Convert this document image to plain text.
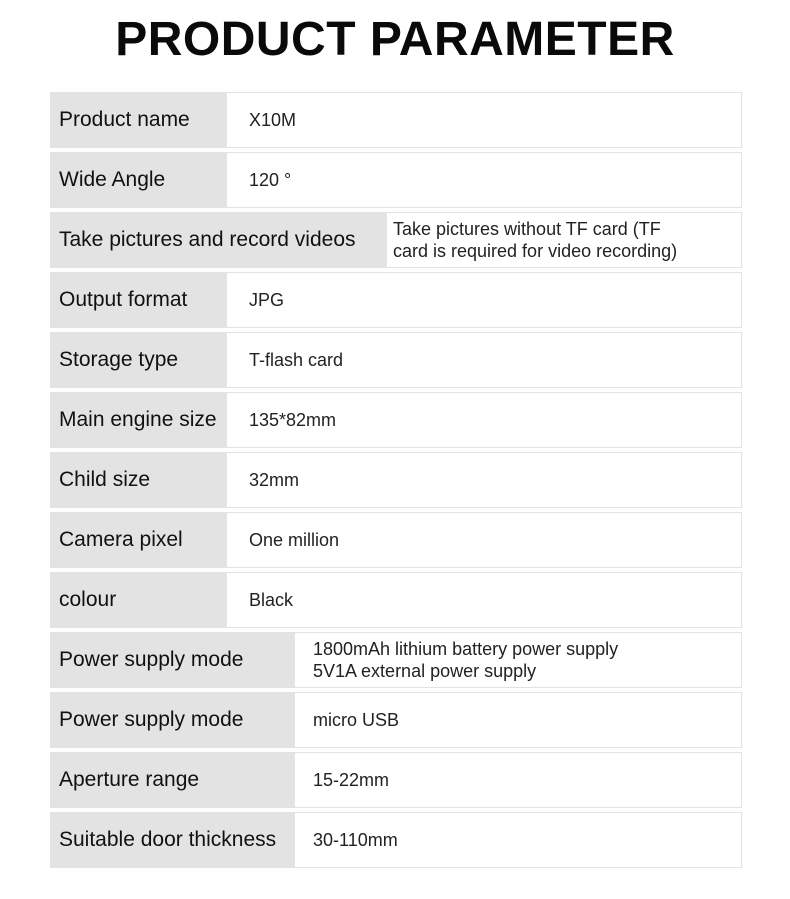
PRODUCT PARAMETER
Product name	X10M
Wide Angle	120 °
Take pictures and record videos	Take pictures without TF card (TF
card is required for video recording)
Output format	JPG
Storage type	T-flash card
Main engine size	135*82mm
Child size	32mm
Camera pixel	One million
colour	Black
Power supply mode	1800mAh lithium battery power supply
5V1A external power supply
Power supply mode	micro USB
Aperture range	15-22mm
Suitable door thickness	30-110mm
